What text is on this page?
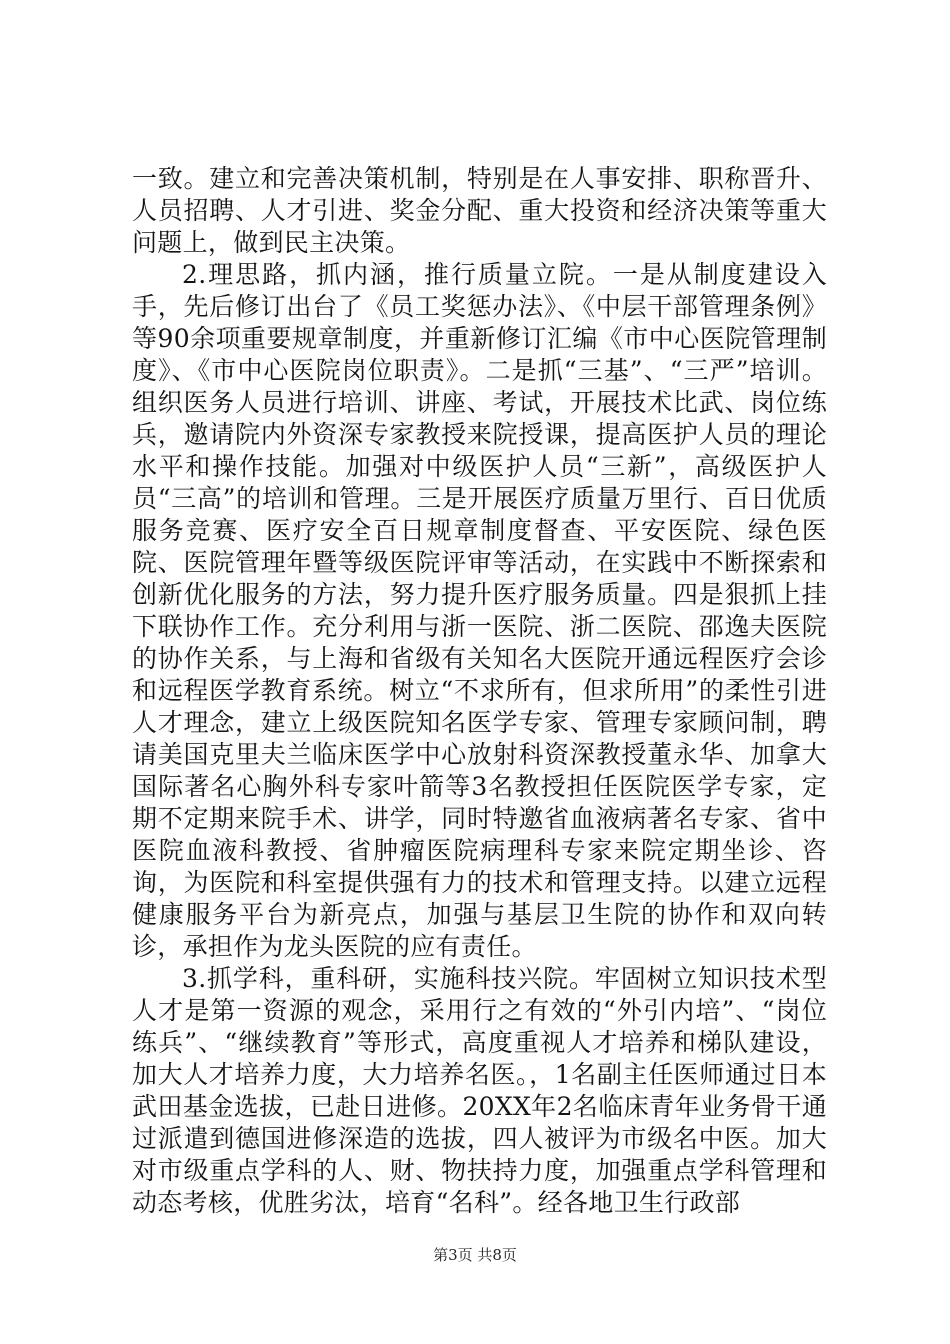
一致。建立和完善决策机制，特别是在人事安排、职称晋升、人员招聘、人才引进、奖金分配、重大投资和经济决策等重大问题上，做到民主决策。

2.理思路，抓内涵，推行质量立院。一是从制度建设入手，先后修订出台了《员工奖惩办法》、《中层干部管理条例》等90余项重要规章制度，并重新修订汇编《市中心医院管理制度》、《市中心医院岗位职责》。二是抓“三基”、“三严”培训。组织医务人员进行培训、讲座、考试，开展技术比武、岗位练兵，邀请院内外资深专家教授来院授课，提高医护人员的理论水平和操作技能。加强对中级医护人员“三新”，高级医护人员“三高”的培训和管理。三是开展医疗质量万里行、百日优质服务竞赛、医疗安全百日规章制度督查、平安医院、绿色医院、医院管理年暨等级医院评审等活动，在实践中不断探索和创新优化服务的方法，努力提升医疗服务质量。四是狠抓上挂下联协作工作。充分利用与浙一医院、浙二医院、邵逸夫医院的协作关系，与上海和省级有关知名大医院开通远程医疗会诊和远程医学教育系统。树立“不求所有，但求所用”的柔性引进人才理念，建立上级医院知名医学专家、管理专家顾问制，聘请美国克里夫兰临床医学中心放射科资深教授董永华、加拿大国际著名心胸外科专家叶箭等3名教授担任医院医学专家，定期不定期来院手术、讲学，同时特邀省血液病著名专家、省中医院血液科教授、省肿瘤医院病理科专家来院定期坐诊、咨询，为医院和科室提供强有力的技术和管理支持。以建立远程健康服务平台为新亮点，加强与基层卫生院的协作和双向转诊，承担作为龙头医院的应有责任。

3.抓学科，重科研，实施科技兴院。牢固树立知识技术型人才是第一资源的观念，采用行之有效的“外引内培”、“岗位练兵”、“继续教育”等形式，高度重视人才培养和梯队建设，加大人才培养力度，大力培养名医。，1名副主任医师通过日本武田基金选拔，已赴日进修。20XX年2名临床青年业务骨干通过派遣到德国进修深造的选拔，四人被评为市级名中医。加大对市级重点学科的人、财、物扶持力度，加强重点学科管理和动态考核，优胜劣汰，培育“名科”。经各地卫生行政部

第3页 共8页
